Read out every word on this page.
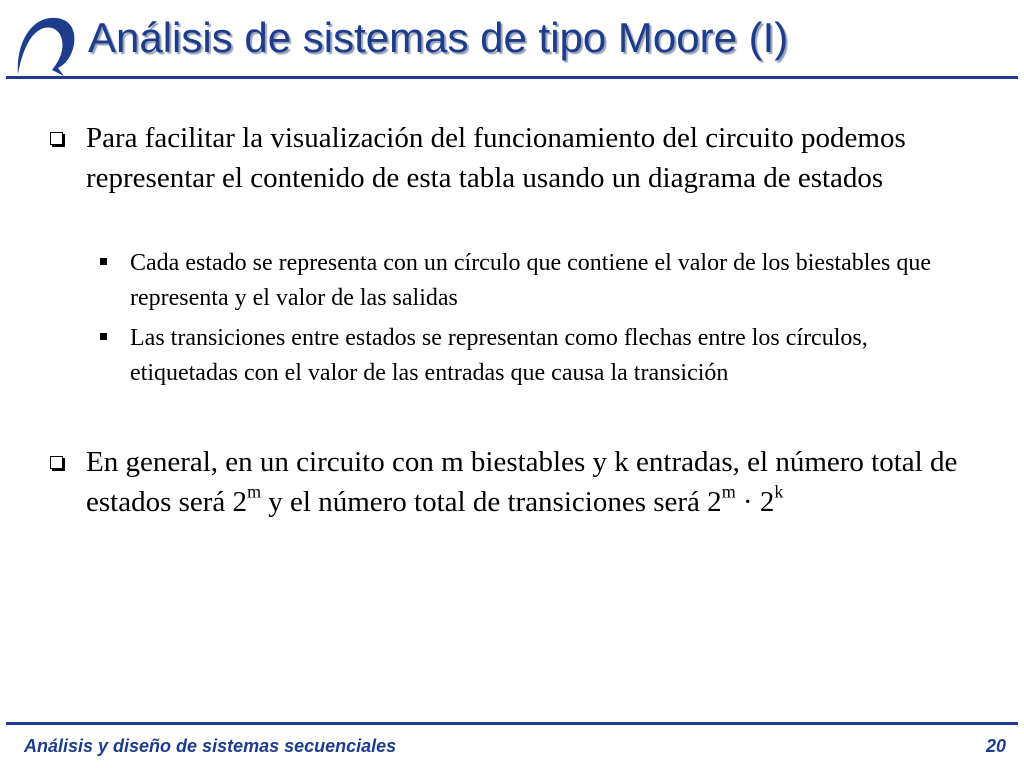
Análisis de sistemas de tipo Moore (I)
Para facilitar la visualización del funcionamiento del circuito podemos representar el contenido de esta tabla usando un diagrama de estados
Cada estado se representa con un círculo que contiene el valor de los biestables que representa y el valor de las salidas
Las transiciones entre estados se representan como flechas entre los círculos, etiquetadas con el valor de las entradas que causa la transición
En general, en un circuito con m biestables y k entradas, el número total de estados será 2$^m$ y el número total de transiciones será $2^m \cdot 2^k$
Análisis y diseño de sistemas secuenciales	20
